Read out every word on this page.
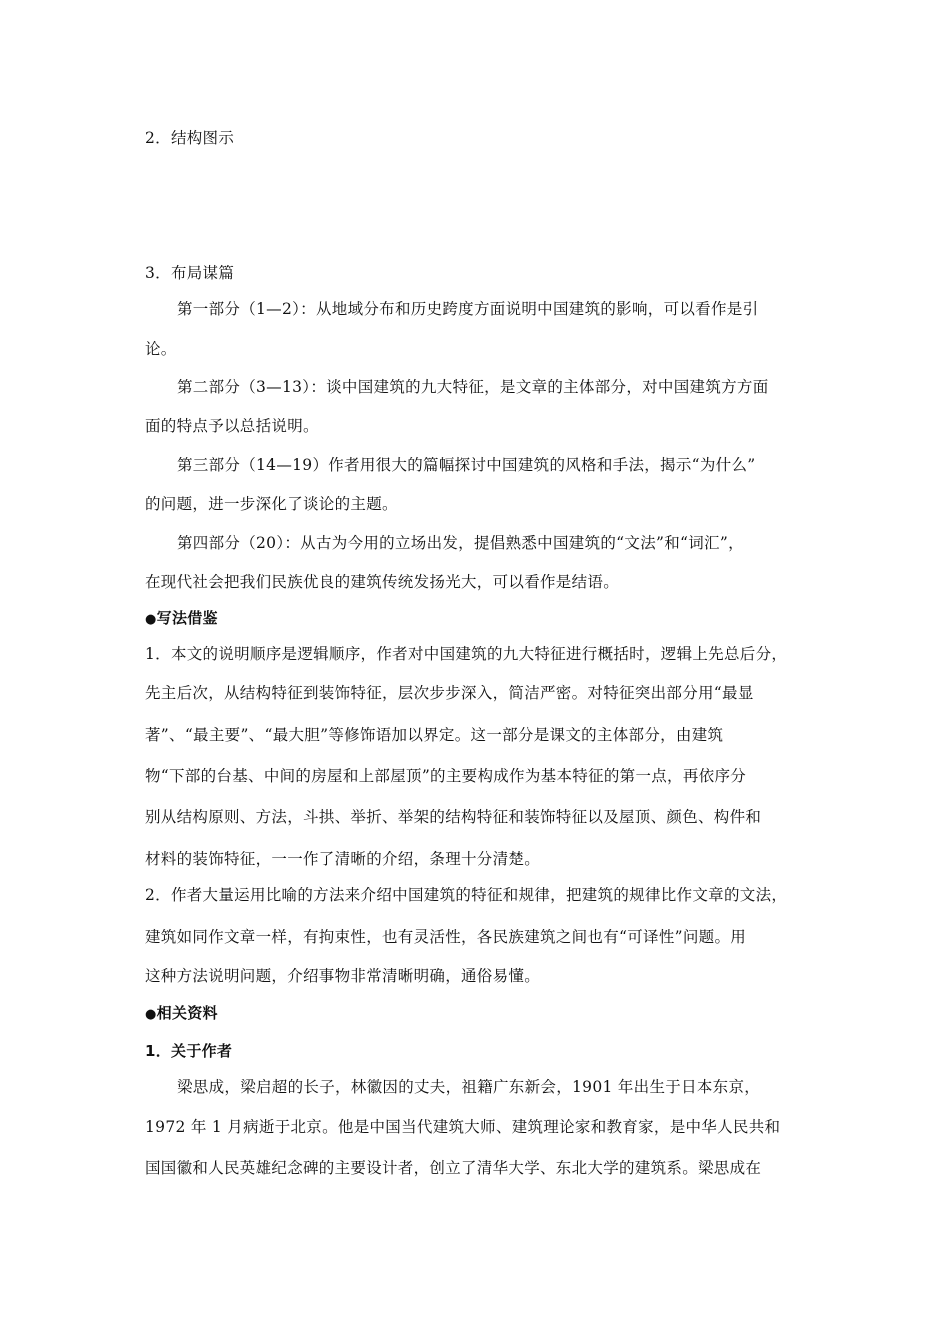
2．结构图示
3．布局谋篇
第一部分（1—2）：从地域分布和历史跨度方面说明中国建筑的影响，可以看作是引
论。
第二部分（3—13）：谈中国建筑的九大特征，是文章的主体部分，对中国建筑方方面
面的特点予以总括说明。
第三部分（14—19）作者用很大的篇幅探讨中国建筑的风格和手法，揭示“为什么”
的问题，进一步深化了谈论的主题。
第四部分（20）：从古为今用的立场出发，提倡熟悉中国建筑的“文法”和“词汇”，
在现代社会把我们民族优良的建筑传统发扬光大，可以看作是结语。
●写法借鉴
1．本文的说明顺序是逻辑顺序，作者对中国建筑的九大特征进行概括时，逻辑上先总后分，
先主后次，从结构特征到装饰特征，层次步步深入，简洁严密。对特征突出部分用“最显
著”、“最主要”、“最大胆”等修饰语加以界定。这一部分是课文的主体部分，由建筑
物“下部的台基、中间的房屋和上部屋顶”的主要构成作为基本特征的第一点，再依序分
别从结构原则、方法，斗拱、举折、举架的结构特征和装饰特征以及屋顶、颜色、构件和
材料的装饰特征，一一作了清晰的介绍，条理十分清楚。
2．作者大量运用比喻的方法来介绍中国建筑的特征和规律，把建筑的规律比作文章的文法，
建筑如同作文章一样，有拘束性，也有灵活性，各民族建筑之间也有“可译性”问题。用
这种方法说明问题，介绍事物非常清晰明确，通俗易懂。
●相关资料
1．关于作者
梁思成，梁启超的长子，林徽因的丈夫，祖籍广东新会，1901 年出生于日本东京，
1972 年 1 月病逝于北京。他是中国当代建筑大师、建筑理论家和教育家，是中华人民共和
国国徽和人民英雄纪念碑的主要设计者，创立了清华大学、东北大学的建筑系。梁思成在
